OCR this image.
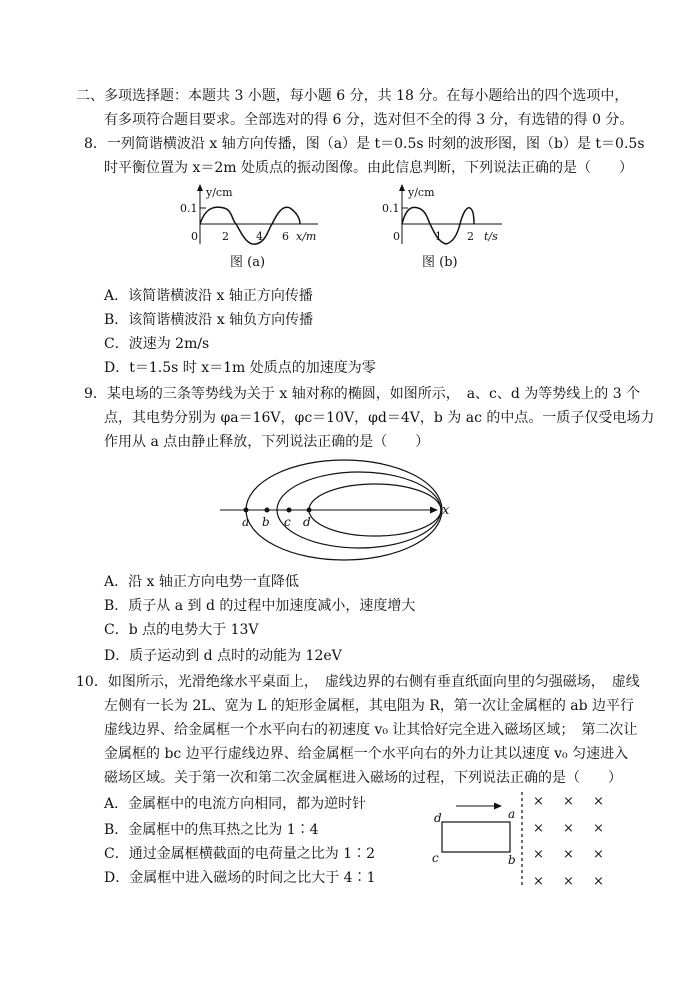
二、多项选择题：本题共 3 小题，每小题 6 分，共 18 分。在每小题给出的四个选项中，
有多项符合题目要求。全部选对的得 6 分，选对但不全的得 3 分，有选错的得 0 分。
8．一列简谐横波沿 x 轴方向传播，图（a）是 t＝0.5s 时刻的波形图，图（b）是 t＝0.5s
时平衡位置为 x＝2m 处质点的振动图像。由此信息判断，下列说法正确的是（　　）
y/cm
0.1
0 2 4 6 x/m
图 (a)
y/cm
0.1
0	1 2 t/s
图 (b)
A．该简谐横波沿 x 轴正方向传播
B．该简谐横波沿 x 轴负方向传播
C．波速为 2m/s
D．t＝1.5s 时 x＝1m 处质点的加速度为零
9．某电场的三条等势线为关于 x 轴对称的椭圆，如图所示，　a、c、d 为等势线上的 3 个
点，其电势分别为 φa＝16V，φc＝10V，φd＝4V，b 为 ac 的中点。一质子仅受电场力
作用从 a 点由静止释放，下列说法正确的是（　　）
a b c d
x
A．沿 x 轴正方向电势一直降低
B．质子从 a 到 d 的过程中加速度减小，速度增大
C．b 点的电势大于 13V
D．质子运动到 d 点时的动能为 12eV
10．如图所示，光滑绝缘水平桌面上，　虚线边界的右侧有垂直纸面向里的匀强磁场，　虚线
左侧有一长为 2L、宽为 L 的矩形金属框，其电阻为 R，第一次让金属框的 ab 边平行
虚线边界、给金属框一个水平向右的初速度 v₀ 让其恰好完全进入磁场区域；　第二次让
金属框的 bc 边平行虚线边界、给金属框一个水平向右的外力让其以速度 v₀ 匀速进入
磁场区域。关于第一次和第二次金属框进入磁场的过程，下列说法正确的是（　　）
A．金属框中的电流方向相同，都为逆时针
B．金属框中的焦耳热之比为 1∶4
C．通过金属框横截面的电荷量之比为 1∶2
D．金属框中进入磁场的时间之比大于 4∶1
d	a
c	b
× × ×
× × ×
× × ×
× × ×
